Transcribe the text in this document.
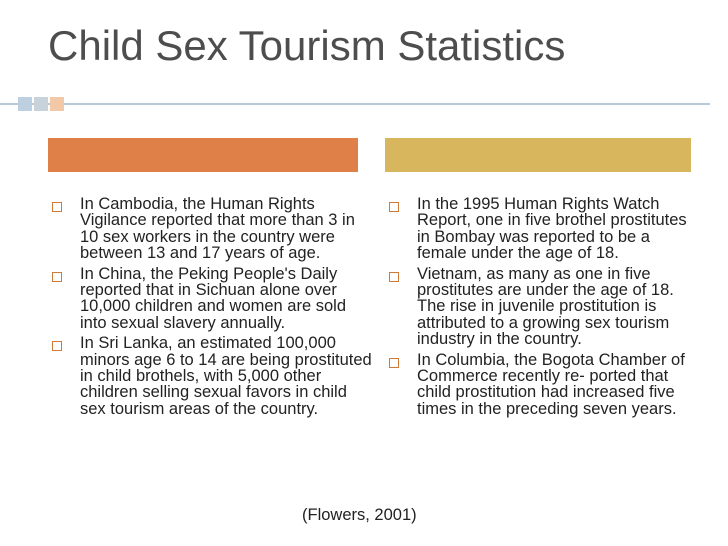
Child Sex Tourism Statistics
In Cambodia, the Human Rights Vigilance reported that more than 3 in 10 sex workers in the country were between 13 and 17 years of age.
In China, the Peking People's Daily reported that in Sichuan alone over 10,000 children and women are sold into sexual slavery annually.
In Sri Lanka, an estimated 100,000 minors age 6 to 14 are being prostituted in child brothels, with 5,000 other children selling sexual favors in child sex tourism areas of the country.
In the 1995 Human Rights Watch Report, one in five brothel prostitutes in Bombay was reported to be a female under the age of 18.
Vietnam, as many as one in five prostitutes are under the age of 18. The rise in juvenile prostitution is attributed to a growing sex tourism industry in the country.
In Columbia, the Bogota Chamber of Commerce recently re- ported that child prostitution had increased five times in the preceding seven years.
(Flowers, 2001)
